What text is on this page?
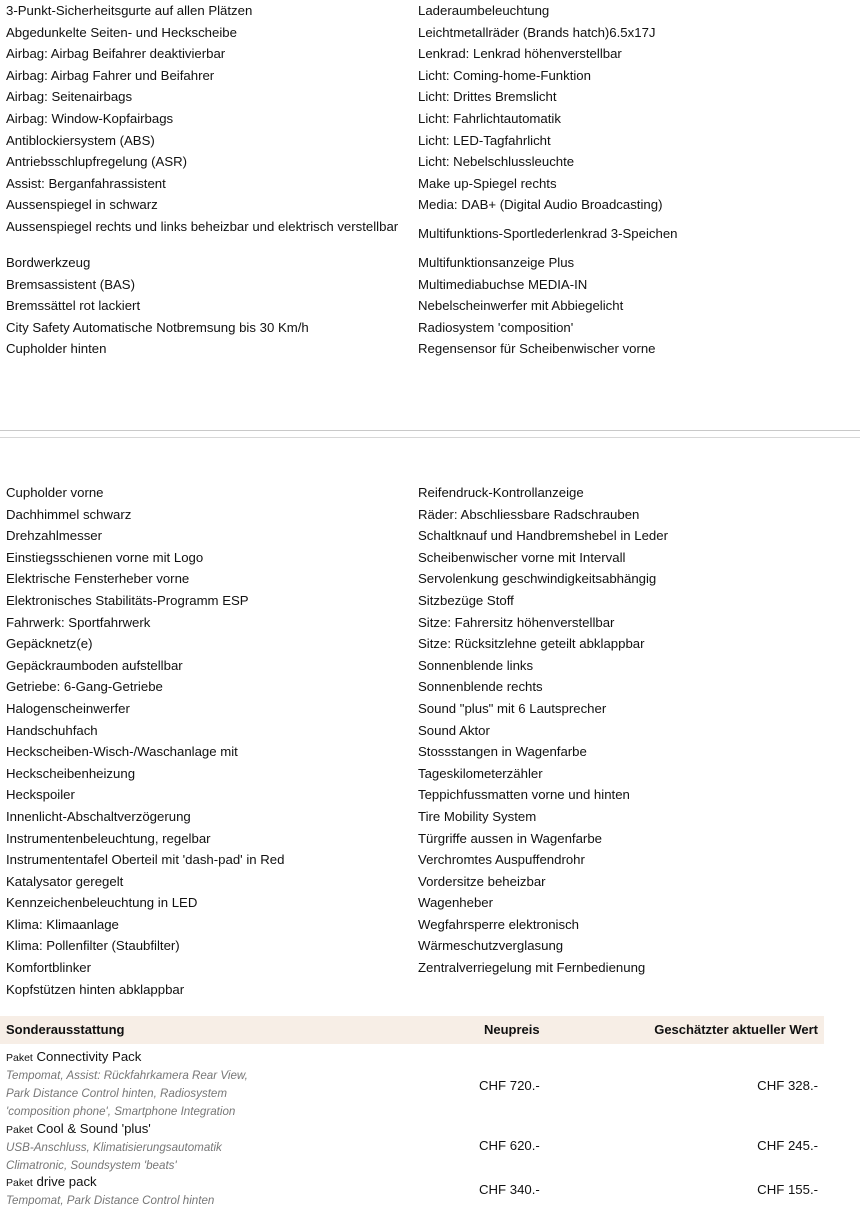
3-Punkt-Sicherheitsgurte auf allen Plätzen
Abgedunkelte Seiten- und Heckscheibe
Airbag: Airbag Beifahrer deaktivierbar
Airbag: Airbag Fahrer und Beifahrer
Airbag: Seitenairbags
Airbag: Window-Kopfairbags
Antiblockiersystem (ABS)
Antriebsschlupfregelung (ASR)
Assist: Berganfahrassistent
Aussenspiegel in schwarz
Aussenspiegel rechts und links beheizbar und elektrisch verstellbar
Bordwerkzeug
Bremsassistent (BAS)
Bremssättel rot lackiert
City Safety Automatische Notbremsung bis 30 Km/h
Cupholder hinten
Laderaumbeleuchtung
Leichtmetallräder (Brands hatch)6.5x17J
Lenkrad: Lenkrad höhenverstellbar
Licht: Coming-home-Funktion
Licht: Drittes Bremslicht
Licht: Fahrlichtautomatik
Licht: LED-Tagfahrlicht
Licht: Nebelschlussleuchte
Make up-Spiegel rechts
Media: DAB+ (Digital Audio Broadcasting)
Multifunktions-Sportlederlenkrad 3-Speichen
Multifunktionsanzeige Plus
Multimediabuchse MEDIA-IN
Nebelscheinwerfer mit Abbiegelicht
Radiosystem 'composition'
Regensensor für Scheibenwischer vorne
Cupholder vorne
Dachhimmel schwarz
Drehzahlmesser
Einstiegsschienen vorne mit Logo
Elektrische Fensterheber vorne
Elektronisches Stabilitäts-Programm ESP
Fahrwerk: Sportfahrwerk
Gepäcknetz(e)
Gepäckraumboden aufstellbar
Getriebe: 6-Gang-Getriebe
Halogenscheinwerfer
Handschuhfach
Heckscheiben-Wisch-/Waschanlage mit
Heckscheibenheizung
Heckspoiler
Innenlicht-Abschaltverzögerung
Instrumentenbeleuchtung, regelbar
Instrumententafel Oberteil mit 'dash-pad' in Red
Katalysator geregelt
Kennzeichenbeleuchtung in LED
Klima: Klimaanlage
Klima: Pollenfilter (Staubfilter)
Komfortblinker
Kopfstützen hinten abklappbar
Reifendruck-Kontrollanzeige
Räder: Abschliessbare Radschrauben
Schaltknauf und Handbremshebel in Leder
Scheibenwischer vorne mit Intervall
Servolenkung geschwindigkeitsabhängig
Sitzbezüge Stoff
Sitze: Fahrersitz höhenverstellbar
Sitze: Rücksitzlehne geteilt abklappbar
Sonnenblende links
Sonnenblende rechts
Sound "plus" mit 6 Lautsprecher
Sound Aktor
Stossstangen in Wagenfarbe
Tageskilometerzähler
Teppichfussmatten vorne und hinten
Tire Mobility System
Türgriffe aussen in Wagenfarbe
Verchromtes Auspuffendrohr
Vordersitze beheizbar
Wagenheber
Wegfahrsperre elektronisch
Wärmeschutzverglasung
Zentralverriegelung mit Fernbedienung
Sonderausstattung	Neupreis	Geschätzter aktueller Wert
Paket Connectivity Pack
Tempomat, Assist: Rückfahrkamera Rear View, Park Distance Control hinten, Radiosystem 'composition phone', Smartphone Integration
CHF 720.-	CHF 328.-
Paket Cool & Sound 'plus'
USB-Anschluss, Klimatisierungsautomatik Climatronic, Soundsystem 'beats'
CHF 620.-	CHF 245.-
Paket drive pack
Tempomat, Park Distance Control hinten
CHF 340.-	CHF 155.-
